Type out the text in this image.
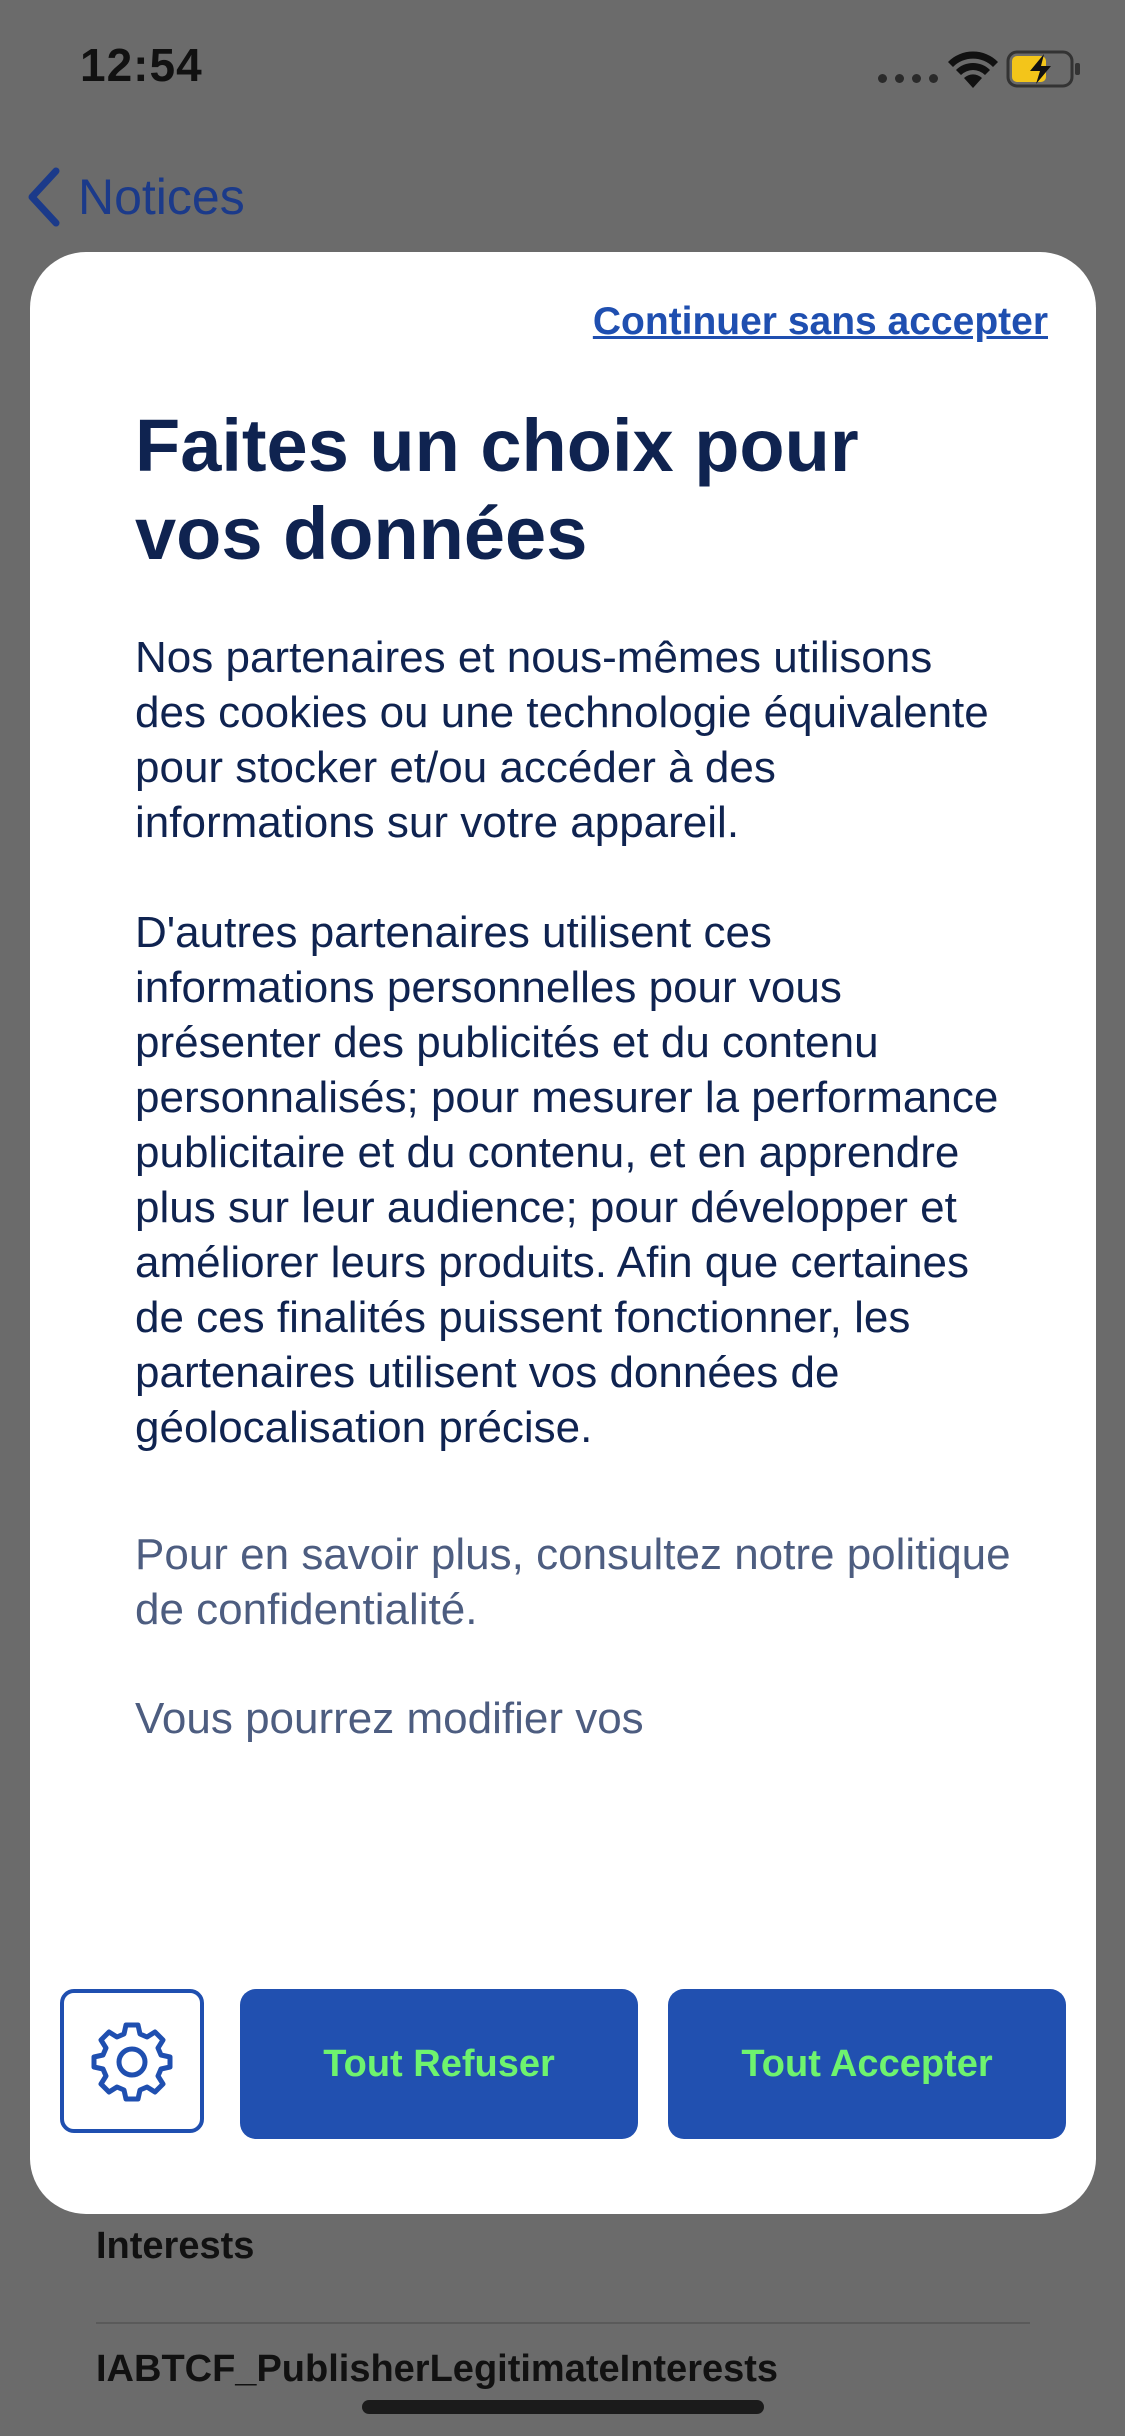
12:54
Notices
Interests
IABTCF_PublisherLegitimateInterests
Continuer sans accepter
Faites un choix pour vos données

Nos partenaires et nous-mêmes utilisons des cookies ou une technologie équivalente pour stocker et/ou accéder à des informations sur votre appareil.

D'autres partenaires utilisent ces informations personnelles pour vous présenter des publicités et du contenu personnalisés; pour mesurer la performance publicitaire et du contenu, et en apprendre plus sur leur audience; pour développer et améliorer leurs produits. Afin que certaines de ces finalités puissent fonctionner, les partenaires utilisent vos données de géolocalisation précise.

Pour en savoir plus, consultez notre politique de confidentialité.

Vous pourrez modifier vos

Tout Refuser	Tout Accepter
